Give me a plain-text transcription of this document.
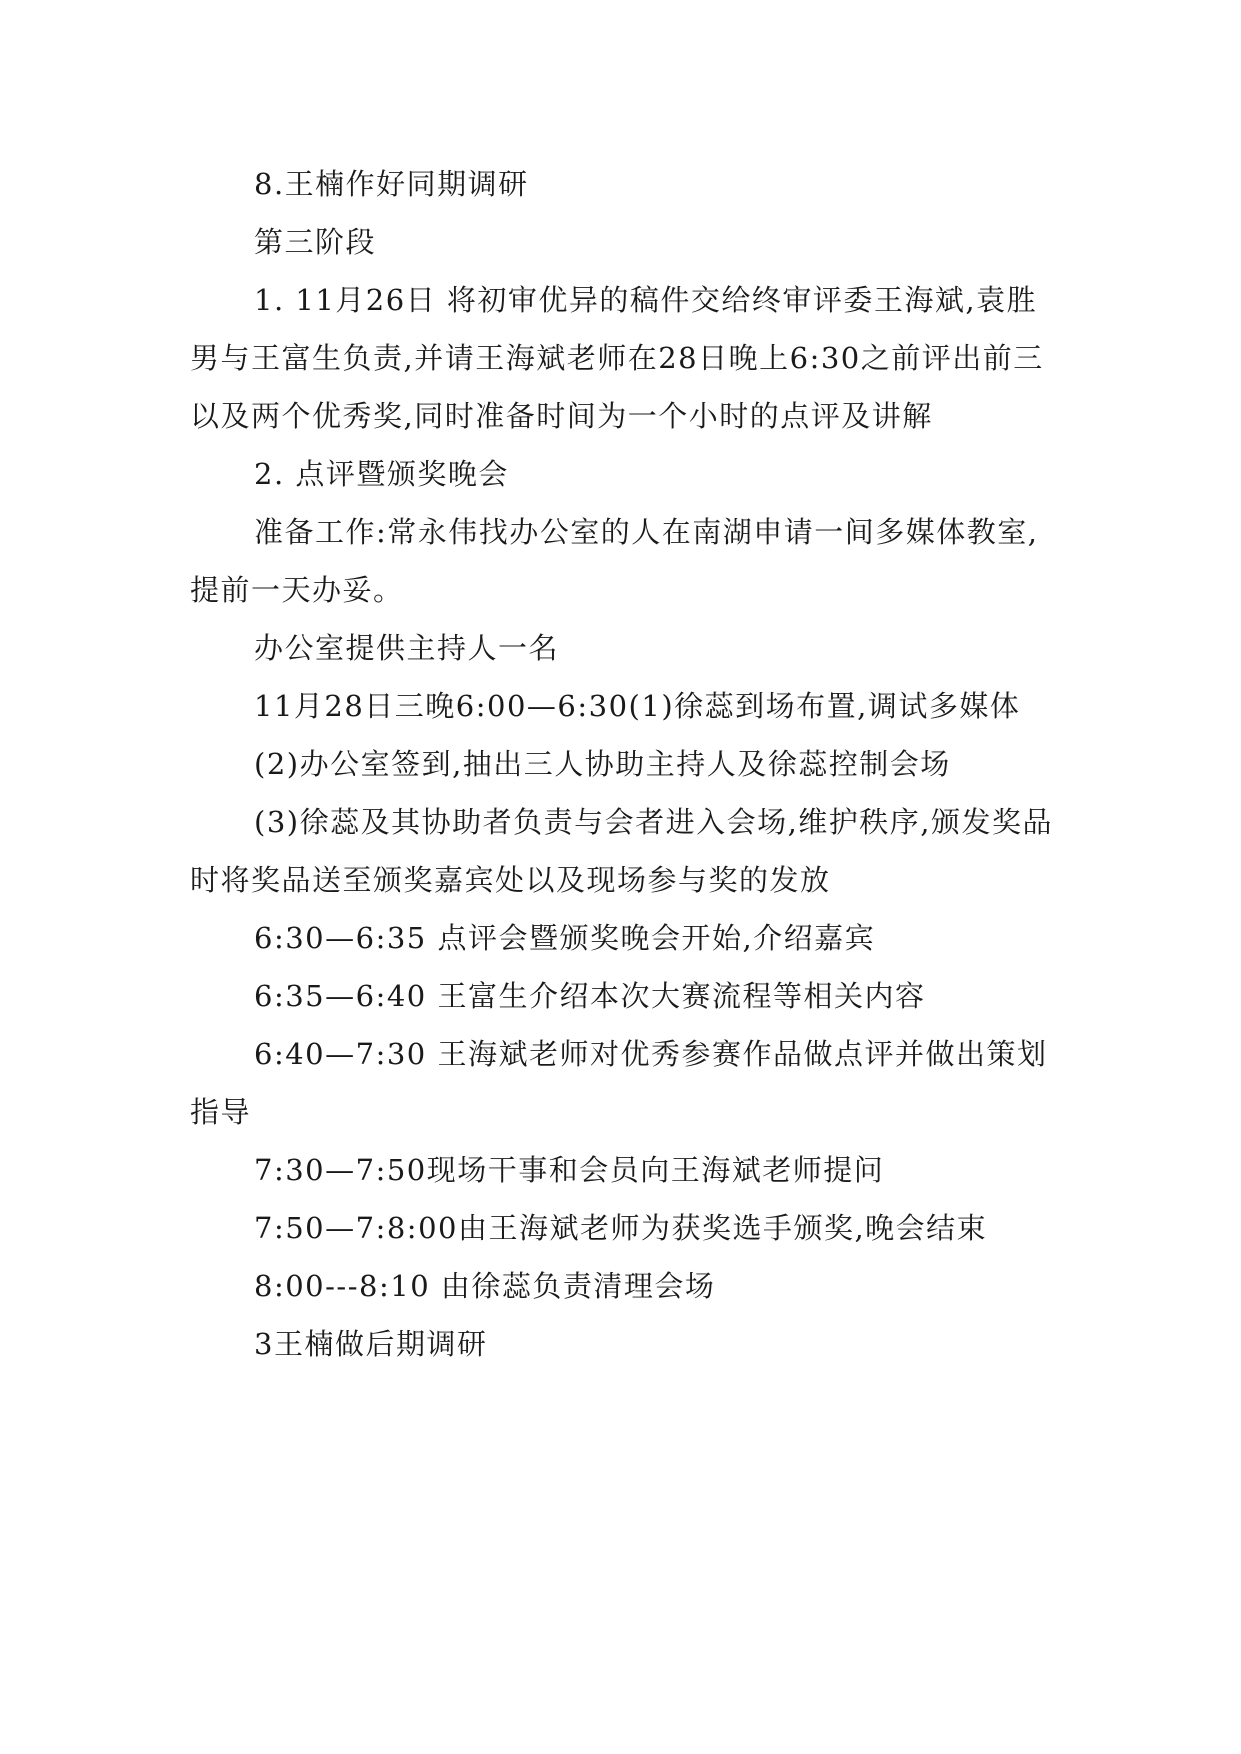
8.王楠作好同期调研

第三阶段

1. 11月26日 将初审优异的稿件交给终审评委王海斌,袁胜男与王富生负责,并请王海斌老师在28日晚上6:30之前评出前三以及两个优秀奖,同时准备时间为一个小时的点评及讲解

2. 点评暨颁奖晚会

准备工作:常永伟找办公室的人在南湖申请一间多媒体教室,提前一天办妥。

办公室提供主持人一名

11月28日三晚6:00—6:30(1)徐蕊到场布置,调试多媒体

(2)办公室签到,抽出三人协助主持人及徐蕊控制会场

(3)徐蕊及其协助者负责与会者进入会场,维护秩序,颁发奖品时将奖品送至颁奖嘉宾处以及现场参与奖的发放

6:30—6:35 点评会暨颁奖晚会开始,介绍嘉宾

6:35—6:40 王富生介绍本次大赛流程等相关内容

6:40—7:30 王海斌老师对优秀参赛作品做点评并做出策划指导

7:30—7:50现场干事和会员向王海斌老师提问

7:50—7:8:00由王海斌老师为获奖选手颁奖,晚会结束

8:00---8:10 由徐蕊负责清理会场

3王楠做后期调研
